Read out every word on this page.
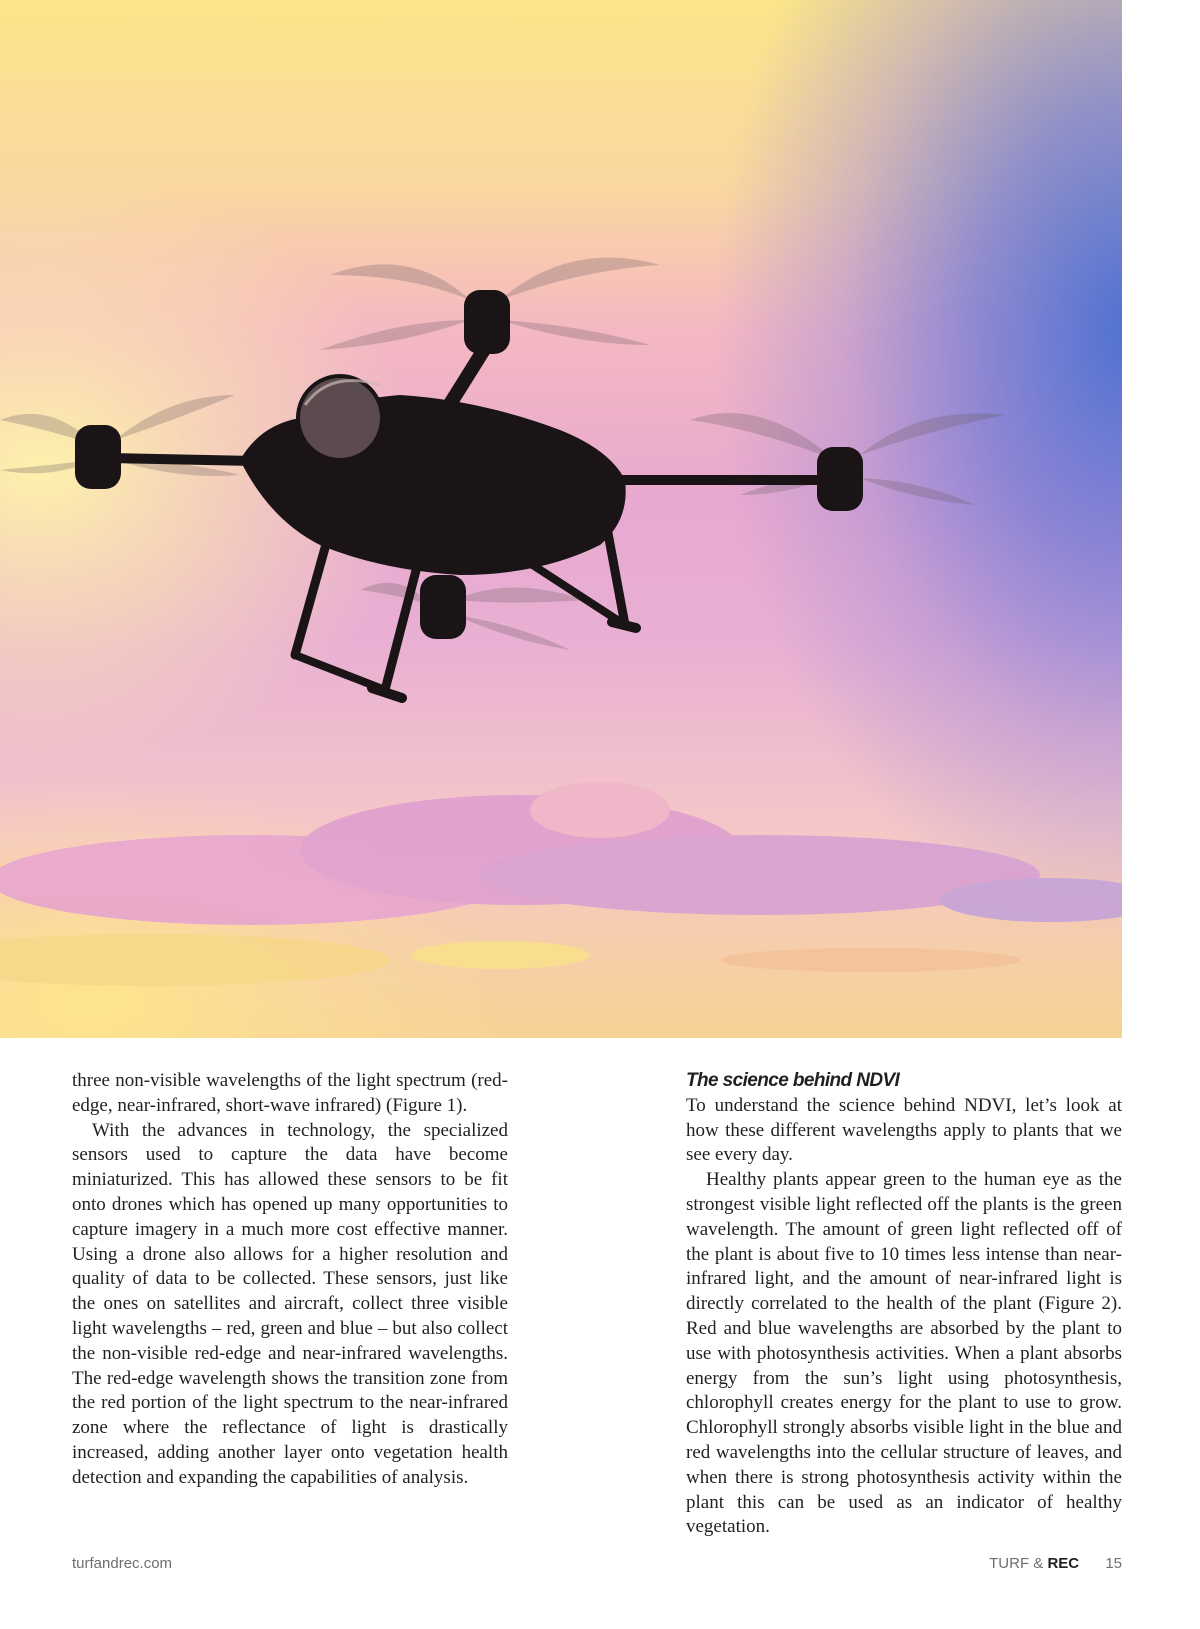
three non-visible wavelengths of the light spectrum (red-edge, near-infrared, short-wave infrared) (Figure 1).

With the advances in technology, the specialized sensors used to capture the data have become miniaturized. This has allowed these sensors to be fit onto drones which has opened up many opportunities to capture imagery in a much more cost effective manner. Using a drone also allows for a higher resolution and quality of data to be collected. These sensors, just like the ones on satellites and aircraft, collect three visible light wavelengths – red, green and blue – but also collect the non-visible red-edge and near-infrared wavelengths. The red-edge wavelength shows the transition zone from the red portion of the light spectrum to the near-infrared zone where the reflectance of light is drastically increased, adding another layer onto vegetation health detection and expanding the capabilities of analysis.

The science behind NDVI

To understand the science behind NDVI, let’s look at how these different wavelengths apply to plants that we see every day.

Healthy plants appear green to the human eye as the strongest visible light reflected off the plants is the green wavelength. The amount of green light reflected off of the plant is about five to 10 times less intense than near-infrared light, and the amount of near-infrared light is directly correlated to the health of the plant (Figure 2). Red and blue wavelengths are absorbed by the plant to use with photosynthesis activities. When a plant absorbs energy from the sun’s light using photosynthesis, chlorophyll creates energy for the plant to use to grow. Chlorophyll strongly absorbs visible light in the blue and red wavelengths into the cellular structure of leaves, and when there is strong photosynthesis activity within the plant this can be used as an indicator of healthy vegetation.

turfandrec.com	TURF & REC 15
